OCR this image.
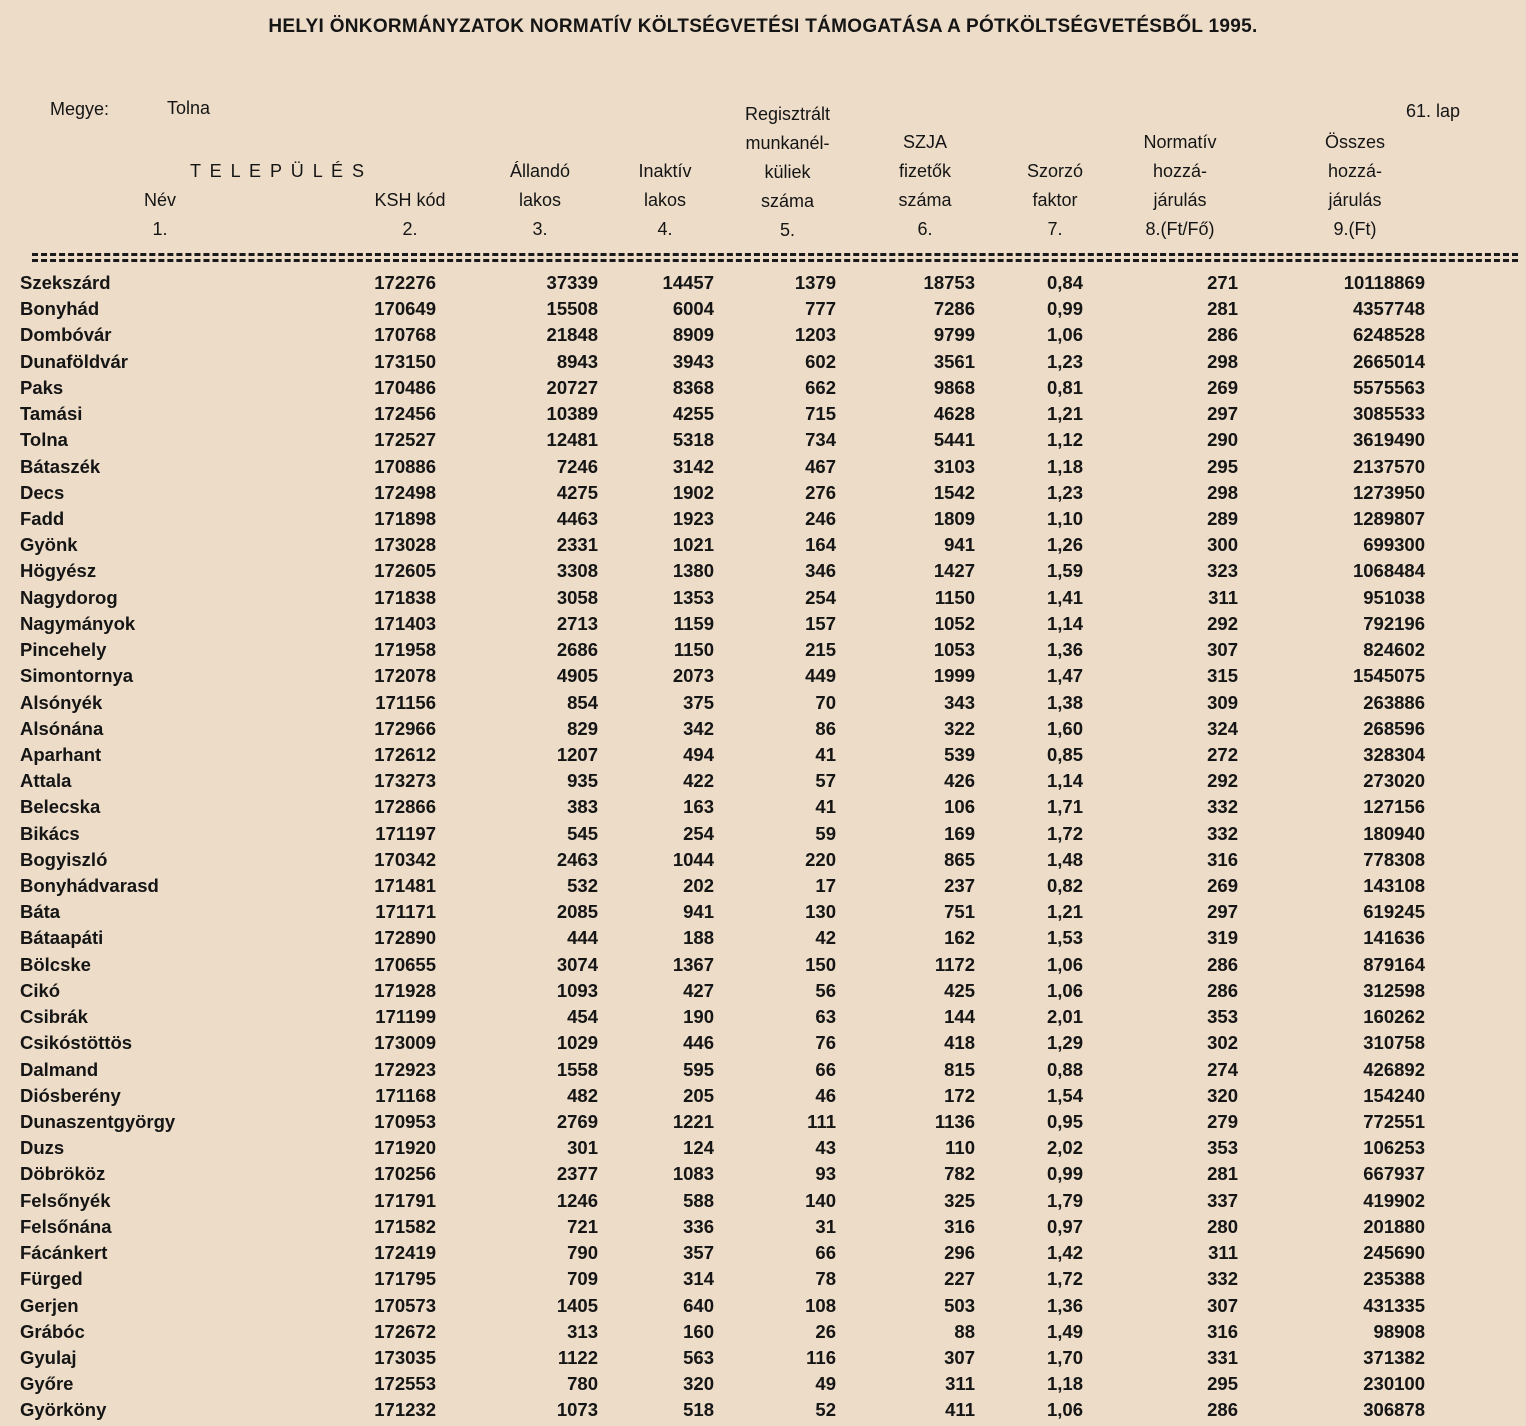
HELYI ÖNKORMÁNYZATOK NORMATÍV KÖLTSÉGVETÉSI TÁMOGATÁSA A PÓTKÖLTSÉGVETÉSBŐL 1995.
Megye:	Tolna	61. lap
T E L E P Ü L É S
Név
1.
KSH kód
2.
Állandó
lakos
3.
Inaktív
lakos
4.
Regisztrált
munkanél-
küliek
száma
5.
SZJA
fizetők
száma
6.
Szorzó
faktor
7.
Normatív
hozzá-
járulás
8.(Ft/Fő)
Összes
hozzá-
járulás
9.(Ft)
Szekszárd	172276	37339	14457	1379	18753	0,84	271	10118869
Bonyhád	170649	15508	6004	777	7286	0,99	281	4357748
Dombóvár	170768	21848	8909	1203	9799	1,06	286	6248528
Dunaföldvár	173150	8943	3943	602	3561	1,23	298	2665014
Paks	170486	20727	8368	662	9868	0,81	269	5575563
Tamási	172456	10389	4255	715	4628	1,21	297	3085533
Tolna	172527	12481	5318	734	5441	1,12	290	3619490
Bátaszék	170886	7246	3142	467	3103	1,18	295	2137570
Decs	172498	4275	1902	276	1542	1,23	298	1273950
Fadd	171898	4463	1923	246	1809	1,10	289	1289807
Gyönk	173028	2331	1021	164	941	1,26	300	699300
Högyész	172605	3308	1380	346	1427	1,59	323	1068484
Nagydorog	171838	3058	1353	254	1150	1,41	311	951038
Nagymányok	171403	2713	1159	157	1052	1,14	292	792196
Pincehely	171958	2686	1150	215	1053	1,36	307	824602
Simontornya	172078	4905	2073	449	1999	1,47	315	1545075
Alsónyék	171156	854	375	70	343	1,38	309	263886
Alsónána	172966	829	342	86	322	1,60	324	268596
Aparhant	172612	1207	494	41	539	0,85	272	328304
Attala	173273	935	422	57	426	1,14	292	273020
Belecska	172866	383	163	41	106	1,71	332	127156
Bikács	171197	545	254	59	169	1,72	332	180940
Bogyiszló	170342	2463	1044	220	865	1,48	316	778308
Bonyhádvarasd	171481	532	202	17	237	0,82	269	143108
Báta	171171	2085	941	130	751	1,21	297	619245
Bátaapáti	172890	444	188	42	162	1,53	319	141636
Bölcske	170655	3074	1367	150	1172	1,06	286	879164
Cikó	171928	1093	427	56	425	1,06	286	312598
Csibrák	171199	454	190	63	144	2,01	353	160262
Csikóstöttös	173009	1029	446	76	418	1,29	302	310758
Dalmand	172923	1558	595	66	815	0,88	274	426892
Diósberény	171168	482	205	46	172	1,54	320	154240
Dunaszentgyörgy	170953	2769	1221	111	1136	0,95	279	772551
Duzs	171920	301	124	43	110	2,02	353	106253
Döbrököz	170256	2377	1083	93	782	0,99	281	667937
Felsőnyék	171791	1246	588	140	325	1,79	337	419902
Felsőnána	171582	721	336	31	316	0,97	280	201880
Fácánkert	172419	790	357	66	296	1,42	311	245690
Fürged	171795	709	314	78	227	1,72	332	235388
Gerjen	170573	1405	640	108	503	1,36	307	431335
Grábóc	172672	313	160	26	88	1,49	316	98908
Gyulaj	173035	1122	563	116	307	1,70	331	371382
Győre	172553	780	320	49	311	1,18	295	230100
Györköny	171232	1073	518	52	411	1,06	286	306878
